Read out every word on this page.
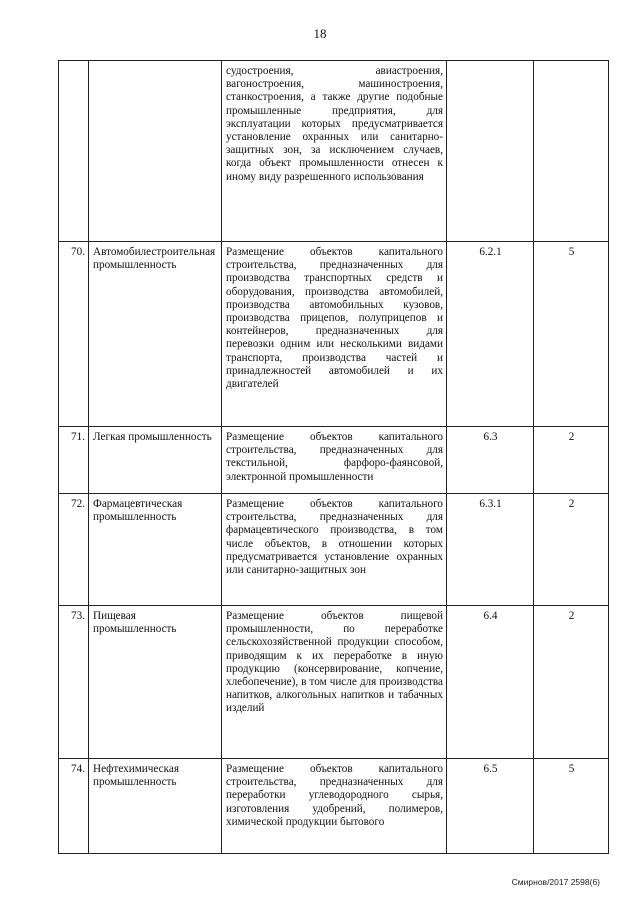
18
		судостроения, авиастроения, вагоностроения, машиностроения, станкостроения, а также другие подобные промышленные предприятия, для эксплуатации которых предусматривается установление охранных или санитарно-защитных зон, за исключением случаев, когда объект промышленности отнесен к иному виду разрешенного использования		
70.	Автомобилестроительная промышленность	Размещение объектов капитального строительства, предназначенных для производства транспортных средств и оборудования, производства автомобилей, производства автомобильных кузовов, производства прицепов, полуприцепов и контейнеров, предназначенных для перевозки одним или несколькими видами транспорта, производства частей и принадлежностей автомобилей и их двигателей	6.2.1	5
71.	Легкая промышленность	Размещение объектов капитального строительства, предназначенных для текстильной, фарфоро-фаянсовой, электронной промышленности	6.3	2
72.	Фармацевтическая промышленность	Размещение объектов капитального строительства, предназначенных для фармацевтического производства, в том числе объектов, в отношении которых предусматривается установление охранных или санитарно-защитных зон	6.3.1	2
73.	Пищевая промышленность	Размещение объектов пищевой промышленности, по переработке сельскохозяйственной продукции способом, приводящим к их переработке в иную продукцию (консервирование, копчение, хлебопечение), в том числе для производства напитков, алкогольных напитков и табачных изделий	6.4	2
74.	Нефтехимическая промышленность	Размещение объектов капитального строительства, предназначенных для переработки углеводородного сырья, изготовления удобрений, полимеров, химической продукции бытового	6.5	5
Смирнов/2017 2598(6)
